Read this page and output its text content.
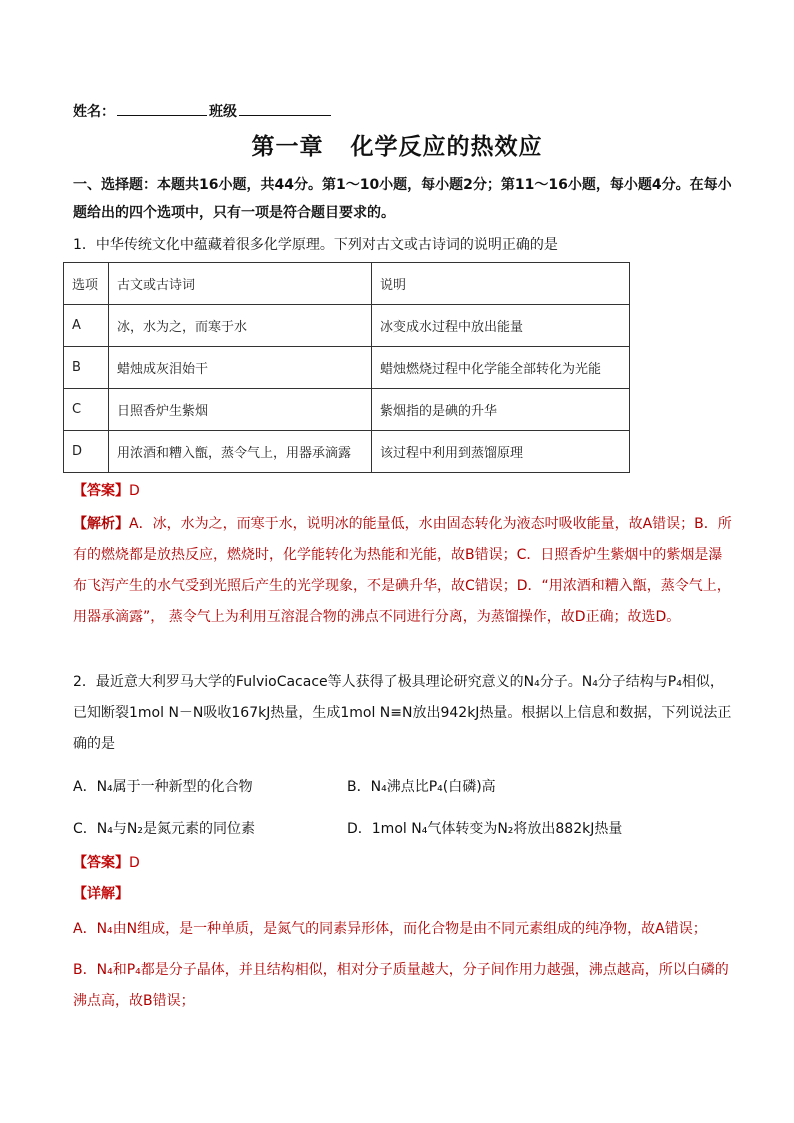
姓名：	班级
第一章   化学反应的热效应
一、选择题：本题共16小题，共44分。第1～10小题，每小题2分；第11～16小题，每小题4分。在每小题给出的四个选项中，只有一项是符合题目要求的。
1．中华传统文化中蕴藏着很多化学原理。下列对古文或古诗词的说明正确的是
选项	古文或古诗词	说明
A	冰，水为之，而寒于水	冰变成水过程中放出能量
B	蜡烛成灰泪始干	蜡烛燃烧过程中化学能全部转化为光能
C	日照香炉生紫烟	紫烟指的是碘的升华
D	用浓酒和糟入甑，蒸令气上，用器承滴露	该过程中利用到蒸馏原理
【答案】D
【解析】A．冰，水为之，而寒于水，说明冰的能量低，水由固态转化为液态吋吸收能量，故A错误；B．所有的燃烧都是放热反应，燃烧时，化学能转化为热能和光能，故B错误；C．日照香炉生紫烟中的紫烟是瀑布飞泻产生的水气受到光照后产生的光学现象，不是碘升华，故C错误；D．“用浓酒和糟入甑，蒸令气上，用器承滴露”， 蒸令气上为利用互溶混合物的沸点不同进行分离，为蒸馏操作，故D正确；故选D。
2．最近意大利罗马大学的FulvioCacace等人获得了极具理论研究意义的N₄分子。N₄分子结构与P₄相似，已知断裂1mol N－N吸收167kJ热量，生成1mol N≡N放出942kJ热量。根据以上信息和数据，下列说法正确的是
A．N₄属于一种新型的化合物	B．N₄沸点比P₄(白磷)高
C．N₄与N₂是氮元素的同位素	D．1mol N₄气体转变为N₂将放出882kJ热量
【答案】D
【详解】
A．N₄由N组成，是一种单质，是氮气的同素异形体，而化合物是由不同元素组成的纯净物，故A错误；
B．N₄和P₄都是分子晶体，并且结构相似，相对分子质量越大，分子间作用力越强，沸点越高，所以白磷的沸点高，故B错误；
